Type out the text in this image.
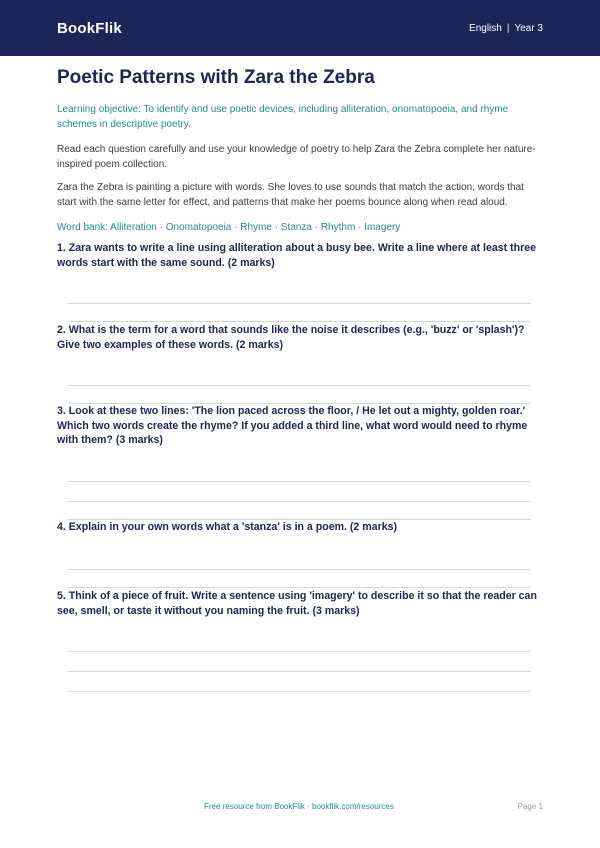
BookFlik	English | Year 3
Poetic Patterns with Zara the Zebra

Learning objective: To identify and use poetic devices, including alliteration, onomatopoeia, and rhyme schemes in descriptive poetry.

Read each question carefully and use your knowledge of poetry to help Zara the Zebra complete her nature-inspired poem collection.

Zara the Zebra is painting a picture with words. She loves to use sounds that match the action, words that start with the same letter for effect, and patterns that make her poems bounce along when read aloud.

Word bank: Alliteration · Onomatopoeia · Rhyme · Stanza · Rhythm · Imagery

1. Zara wants to write a line using alliteration about a busy bee. Write a line where at least three words start with the same sound. (2 marks)

2. What is the term for a word that sounds like the noise it describes (e.g., 'buzz' or 'splash')? Give two examples of these words. (2 marks)

3. Look at these two lines: 'The lion paced across the floor, / He let out a mighty, golden roar.' Which two words create the rhyme? If you added a third line, what word would need to rhyme with them? (3 marks)

4. Explain in your own words what a 'stanza' is in a poem. (2 marks)

5. Think of a piece of fruit. Write a sentence using 'imagery' to describe it so that the reader can see, smell, or taste it without you naming the fruit. (3 marks)

Free resource from BookFlik · bookflik.com/resources	Page 1
